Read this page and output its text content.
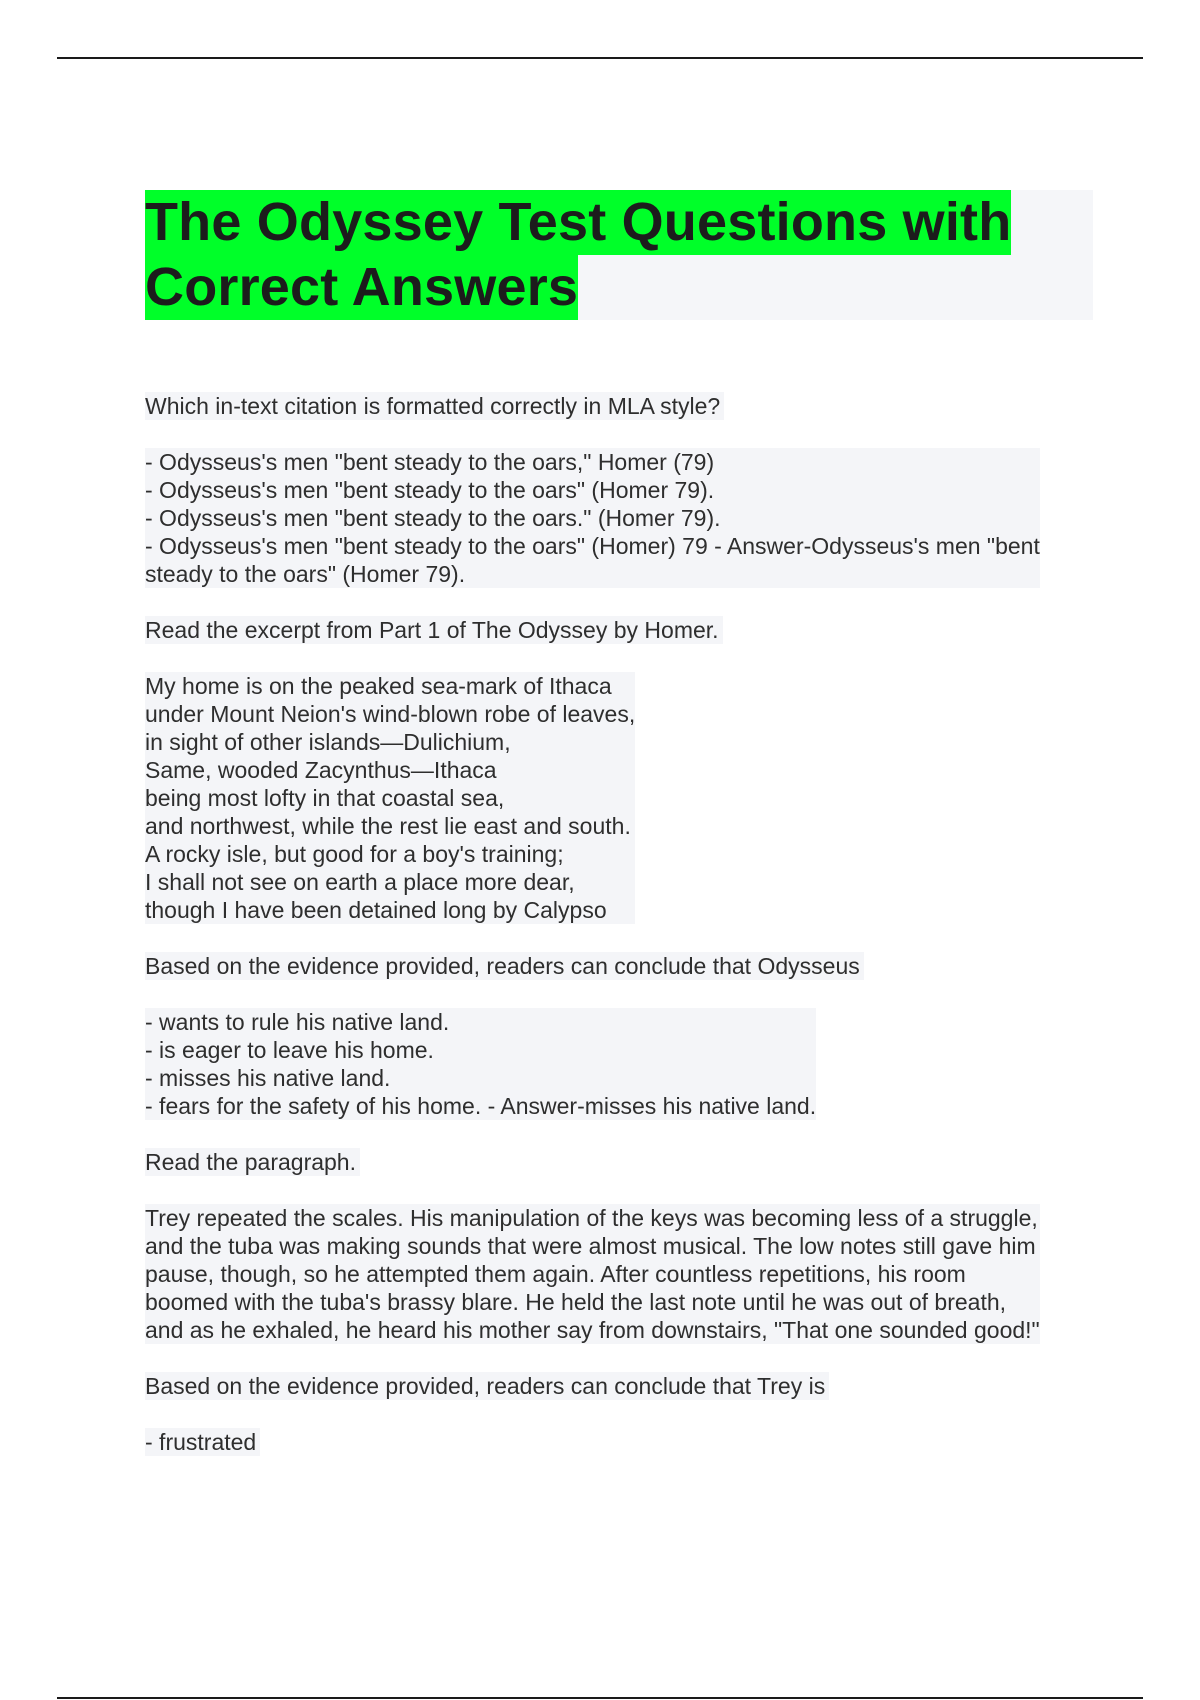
The Odyssey Test Questions with
Correct Answers
Which in-text citation is formatted correctly in MLA style?
- Odysseus's men "bent steady to the oars," Homer (79)
- Odysseus's men "bent steady to the oars" (Homer 79).
- Odysseus's men "bent steady to the oars." (Homer 79).
- Odysseus's men "bent steady to the oars" (Homer) 79 - Answer-Odysseus's men "bent
steady to the oars" (Homer 79).
Read the excerpt from Part 1 of The Odyssey by Homer.
My home is on the peaked sea-mark of Ithaca
under Mount Neion's wind-blown robe of leaves,
in sight of other islands—Dulichium,
Same, wooded Zacynthus—Ithaca
being most lofty in that coastal sea,
and northwest, while the rest lie east and south.
A rocky isle, but good for a boy's training;
I shall not see on earth a place more dear,
though I have been detained long by Calypso
Based on the evidence provided, readers can conclude that Odysseus
- wants to rule his native land.
- is eager to leave his home.
- misses his native land.
- fears for the safety of his home. - Answer-misses his native land.
Read the paragraph.
Trey repeated the scales. His manipulation of the keys was becoming less of a struggle,
and the tuba was making sounds that were almost musical. The low notes still gave him
pause, though, so he attempted them again. After countless repetitions, his room
boomed with the tuba's brassy blare. He held the last note until he was out of breath,
and as he exhaled, he heard his mother say from downstairs, "That one sounded good!"
Based on the evidence provided, readers can conclude that Trey is
- frustrated
